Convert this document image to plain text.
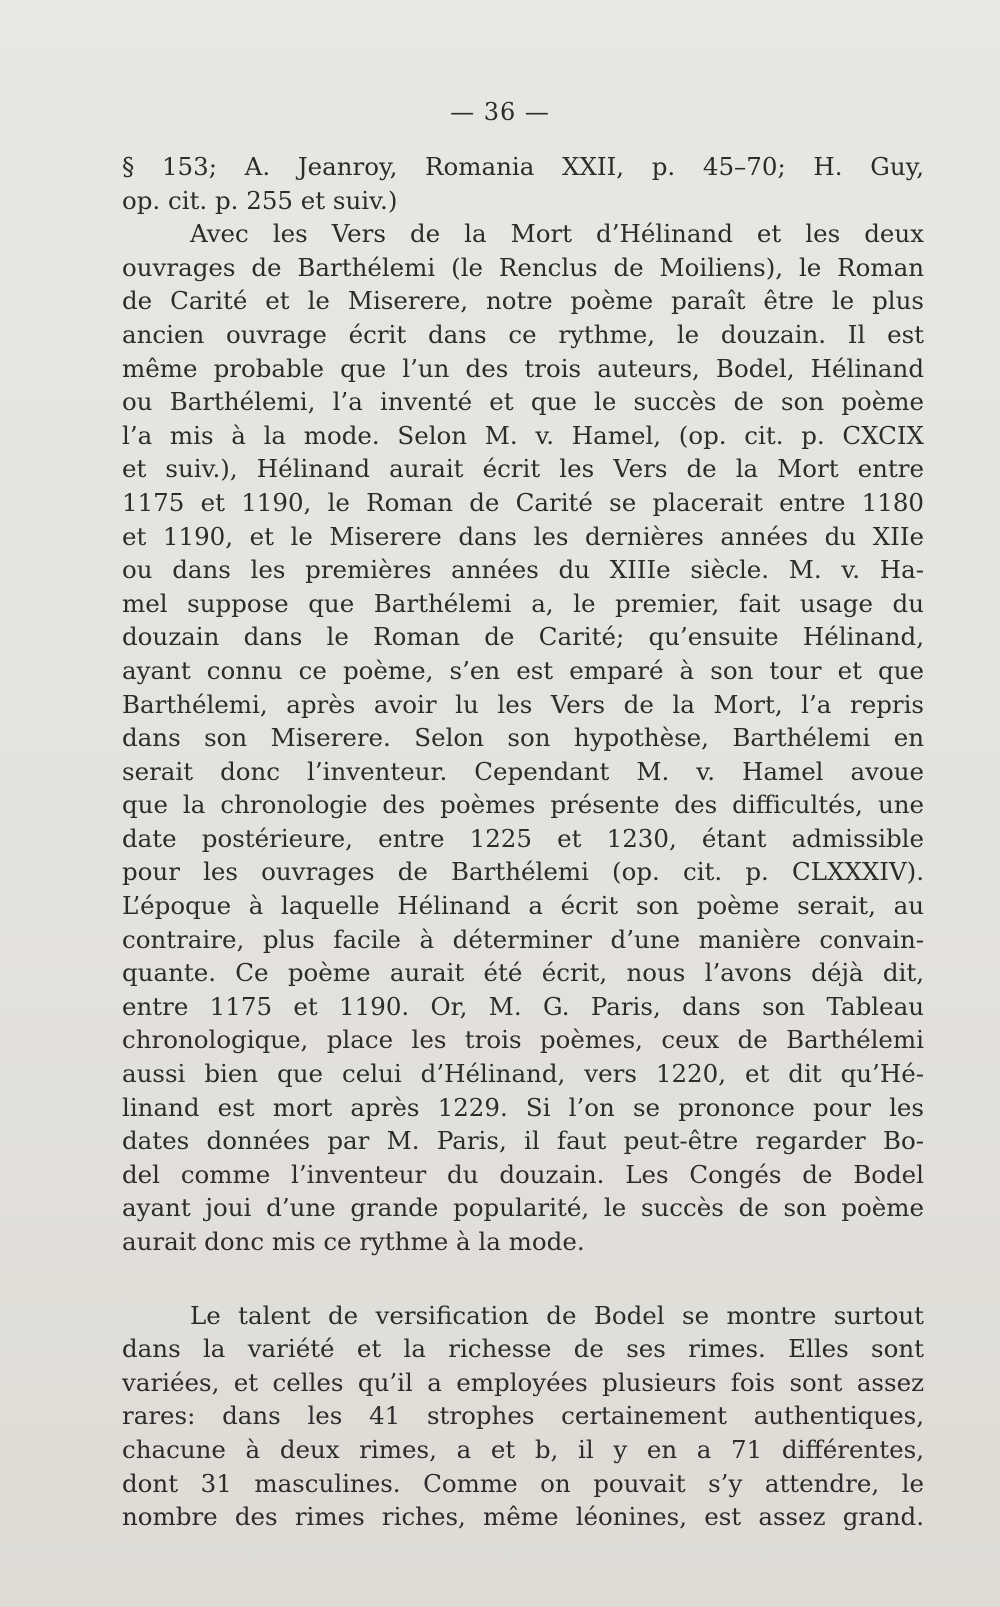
— 36 —
§ 153; A. Jeanroy, Romania XXII, p. 45–70; H. Guy,
op. cit. p. 255 et suiv.)
Avec les Vers de la Mort d’Hélinand et les deux
ouvrages de Barthélemi (le Renclus de Moiliens), le Roman
de Carité et le Miserere, notre poème paraît être le plus
ancien ouvrage écrit dans ce rythme, le douzain. Il est
même probable que l’un des trois auteurs, Bodel, Hélinand
ou Barthélemi, l’a inventé et que le succès de son poème
l’a mis à la mode. Selon M. v. Hamel, (op. cit. p. CXCIX
et suiv.), Hélinand aurait écrit les Vers de la Mort entre
1175 et 1190, le Roman de Carité se placerait entre 1180
et 1190, et le Miserere dans les dernières années du XIIe
ou dans les premières années du XIIIe siècle. M. v. Ha-
mel suppose que Barthélemi a, le premier, fait usage du
douzain dans le Roman de Carité; qu’ensuite Hélinand,
ayant connu ce poème, s’en est emparé à son tour et que
Barthélemi, après avoir lu les Vers de la Mort, l’a repris
dans son Miserere. Selon son hypothèse, Barthélemi en
serait donc l’inventeur. Cependant M. v. Hamel avoue
que la chronologie des poèmes présente des difficultés, une
date postérieure, entre 1225 et 1230, étant admissible
pour les ouvrages de Barthélemi (op. cit. p. CLXXXIV).
L’époque à laquelle Hélinand a écrit son poème serait, au
contraire, plus facile à déterminer d’une manière convain-
quante. Ce poème aurait été écrit, nous l’avons déjà dit,
entre 1175 et 1190. Or, M. G. Paris, dans son Tableau
chronologique, place les trois poèmes, ceux de Barthélemi
aussi bien que celui d’Hélinand, vers 1220, et dit qu’Hé-
linand est mort après 1229. Si l’on se prononce pour les
dates données par M. Paris, il faut peut-être regarder Bo-
del comme l’inventeur du douzain. Les Congés de Bodel
ayant joui d’une grande popularité, le succès de son poème
aurait donc mis ce rythme à la mode.
Le talent de versification de Bodel se montre surtout
dans la variété et la richesse de ses rimes. Elles sont
variées, et celles qu’il a employées plusieurs fois sont assez
rares: dans les 41 strophes certainement authentiques,
chacune à deux rimes, a et b, il y en a 71 différentes,
dont 31 masculines. Comme on pouvait s’y attendre, le
nombre des rimes riches, même léonines, est assez grand.
